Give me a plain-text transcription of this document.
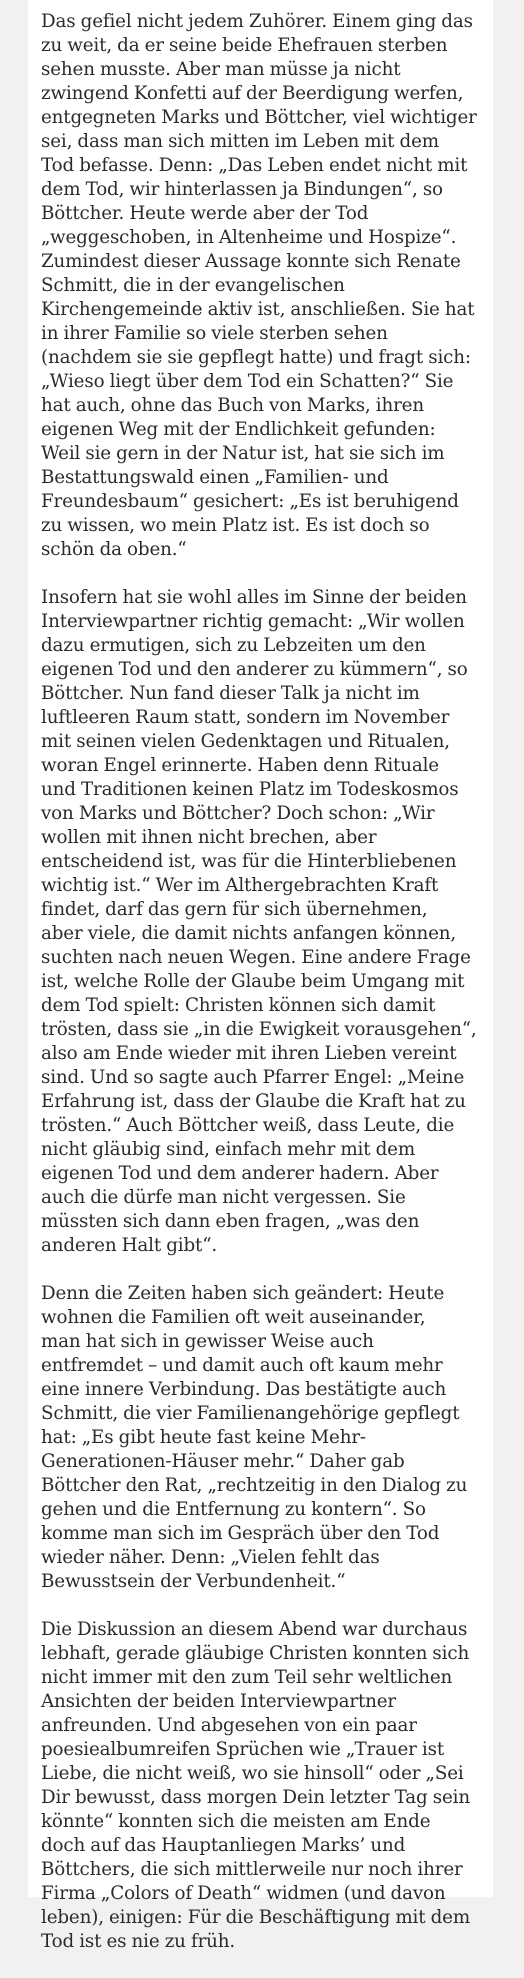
Das gefiel nicht jedem Zuhörer. Einem ging das
zu weit, da er seine beide Ehefrauen sterben
sehen musste. Aber man müsse ja nicht
zwingend Konfetti auf der Beerdigung werfen,
entgegneten Marks und Böttcher, viel wichtiger
sei, dass man sich mitten im Leben mit dem
Tod befasse. Denn: „Das Leben endet nicht mit
dem Tod, wir hinterlassen ja Bindungen“, so
Böttcher. Heute werde aber der Tod
„weggeschoben, in Altenheime und Hospize“.
Zumindest dieser Aussage konnte sich Renate
Schmitt, die in der evangelischen
Kirchengemeinde aktiv ist, anschließen. Sie hat
in ihrer Familie so viele sterben sehen
(nachdem sie sie gepflegt hatte) und fragt sich:
„Wieso liegt über dem Tod ein Schatten?“ Sie
hat auch, ohne das Buch von Marks, ihren
eigenen Weg mit der Endlichkeit gefunden:
Weil sie gern in der Natur ist, hat sie sich im
Bestattungswald einen „Familien- und
Freundesbaum“ gesichert: „Es ist beruhigend
zu wissen, wo mein Platz ist. Es ist doch so
schön da oben.“

Insofern hat sie wohl alles im Sinne der beiden
Interviewpartner richtig gemacht: „Wir wollen
dazu ermutigen, sich zu Lebzeiten um den
eigenen Tod und den anderer zu kümmern“, so
Böttcher. Nun fand dieser Talk ja nicht im
luftleeren Raum statt, sondern im November
mit seinen vielen Gedenktagen und Ritualen,
woran Engel erinnerte. Haben denn Rituale
und Traditionen keinen Platz im Todeskosmos
von Marks und Böttcher? Doch schon: „Wir
wollen mit ihnen nicht brechen, aber
entscheidend ist, was für die Hinterbliebenen
wichtig ist.“ Wer im Althergebrachten Kraft
findet, darf das gern für sich übernehmen,
aber viele, die damit nichts anfangen können,
suchten nach neuen Wegen. Eine andere Frage
ist, welche Rolle der Glaube beim Umgang mit
dem Tod spielt: Christen können sich damit
trösten, dass sie „in die Ewigkeit vorausgehen“,
also am Ende wieder mit ihren Lieben vereint
sind. Und so sagte auch Pfarrer Engel: „Meine
Erfahrung ist, dass der Glaube die Kraft hat zu
trösten.“ Auch Böttcher weiß, dass Leute, die
nicht gläubig sind, einfach mehr mit dem
eigenen Tod und dem anderer hadern. Aber
auch die dürfe man nicht vergessen. Sie
müssten sich dann eben fragen, „was den
anderen Halt gibt“.

Denn die Zeiten haben sich geändert: Heute
wohnen die Familien oft weit auseinander,
man hat sich in gewisser Weise auch
entfremdet – und damit auch oft kaum mehr
eine innere Verbindung. Das bestätigte auch
Schmitt, die vier Familienangehörige gepflegt
hat: „Es gibt heute fast keine Mehr-
Generationen-Häuser mehr.“ Daher gab
Böttcher den Rat, „rechtzeitig in den Dialog zu
gehen und die Entfernung zu kontern“. So
komme man sich im Gespräch über den Tod
wieder näher. Denn: „Vielen fehlt das
Bewusstsein der Verbundenheit.“

Die Diskussion an diesem Abend war durchaus
lebhaft, gerade gläubige Christen konnten sich
nicht immer mit den zum Teil sehr weltlichen
Ansichten der beiden Interviewpartner
anfreunden. Und abgesehen von ein paar
poesiealbumreifen Sprüchen wie „Trauer ist
Liebe, die nicht weiß, wo sie hinsoll“ oder „Sei
Dir bewusst, dass morgen Dein letzter Tag sein
könnte“ konnten sich die meisten am Ende
doch auf das Hauptanliegen Marks’ und
Böttchers, die sich mittlerweile nur noch ihrer
Firma „Colors of Death“ widmen (und davon
leben), einigen: Für die Beschäftigung mit dem
Tod ist es nie zu früh.
